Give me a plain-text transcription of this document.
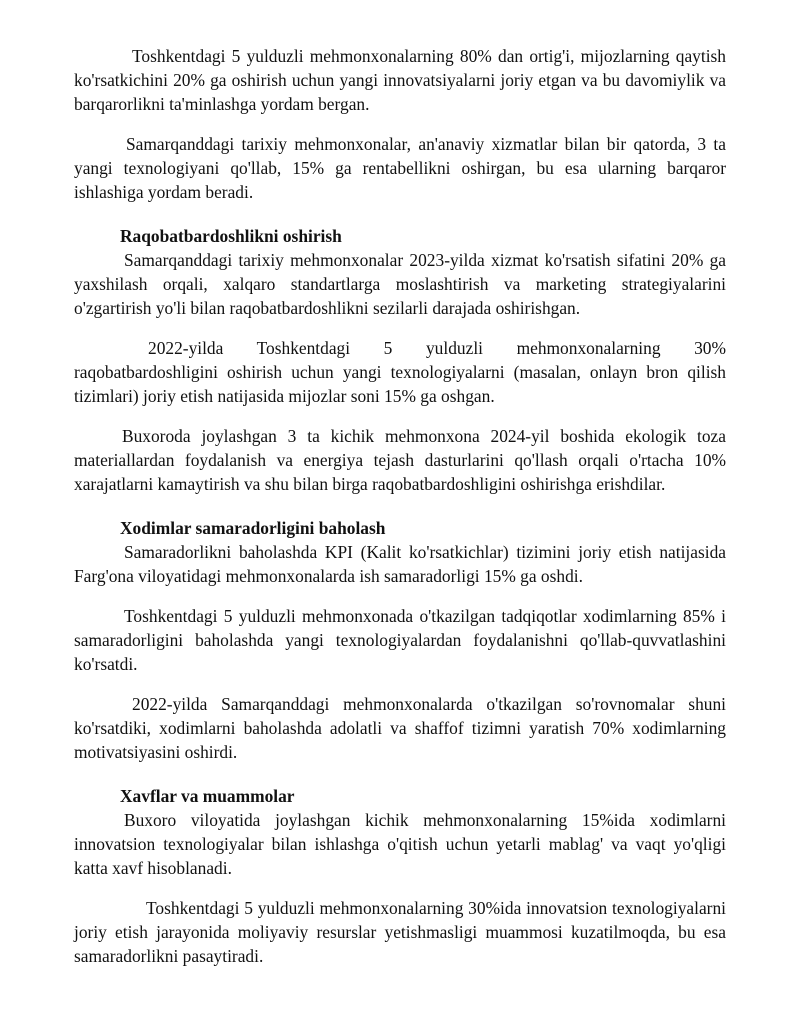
Toshkentdagi 5 yulduzli mehmonxonalarning 80% dan ortig'i, mijozlarning qaytish ko'rsatkichini 20% ga oshirish uchun yangi innovatsiyalarni joriy etgan va bu davomiylik va barqarorlikni ta'minlashga yordam bergan.

Samarqanddagi tarixiy mehmonxonalar, an'anaviy xizmatlar bilan bir qatorda, 3 ta yangi texnologiyani qo'llab, 15% ga rentabellikni oshirgan, bu esa ularning barqaror ishlashiga yordam beradi.

Raqobatbardoshlikni oshirish

Samarqanddagi tarixiy mehmonxonalar 2023-yilda xizmat ko'rsatish sifatini 20% ga yaxshilash orqali, xalqaro standartlarga moslashtirish va marketing strategiyalarini o'zgartirish yo'li bilan raqobatbardoshlikni sezilarli darajada oshirishgan.

2022-yilda Toshkentdagi 5 yulduzli mehmonxonalarning 30% raqobatbardoshligini oshirish uchun yangi texnologiyalarni (masalan, onlayn bron qilish tizimlari) joriy etish natijasida mijozlar soni 15% ga oshgan.

Buxoroda joylashgan 3 ta kichik mehmonxona 2024-yil boshida ekologik toza materiallardan foydalanish va energiya tejash dasturlarini qo'llash orqali o'rtacha 10% xarajatlarni kamaytirish va shu bilan birga raqobatbardoshligini oshirishga erishdilar.

Xodimlar samaradorligini baholash

Samaradorlikni baholashda KPI (Kalit ko'rsatkichlar) tizimini joriy etish natijasida Farg'ona viloyatidagi mehmonxonalarda ish samaradorligi 15% ga oshdi.

Toshkentdagi 5 yulduzli mehmonxonada o'tkazilgan tadqiqotlar xodimlarning 85% i samaradorligini baholashda yangi texnologiyalardan foydalanishni qo'llab-quvvatlashini ko'rsatdi.

2022-yilda Samarqanddagi mehmonxonalarda o'tkazilgan so'rovnomalar shuni ko'rsatdiki, xodimlarni baholashda adolatli va shaffof tizimni yaratish 70% xodimlarning motivatsiyasini oshirdi.

Xavflar va muammolar

Buxoro viloyatida joylashgan kichik mehmonxonalarning 15%ida xodimlarni innovatsion texnologiyalar bilan ishlashga o'qitish uchun yetarli mablag' va vaqt yo'qligi katta xavf hisoblanadi.

Toshkentdagi 5 yulduzli mehmonxonalarning 30%ida innovatsion texnologiyalarni joriy etish jarayonida moliyaviy resurslar yetishmasligi muammosi kuzatilmoqda, bu esa samaradorlikni pasaytiradi.
